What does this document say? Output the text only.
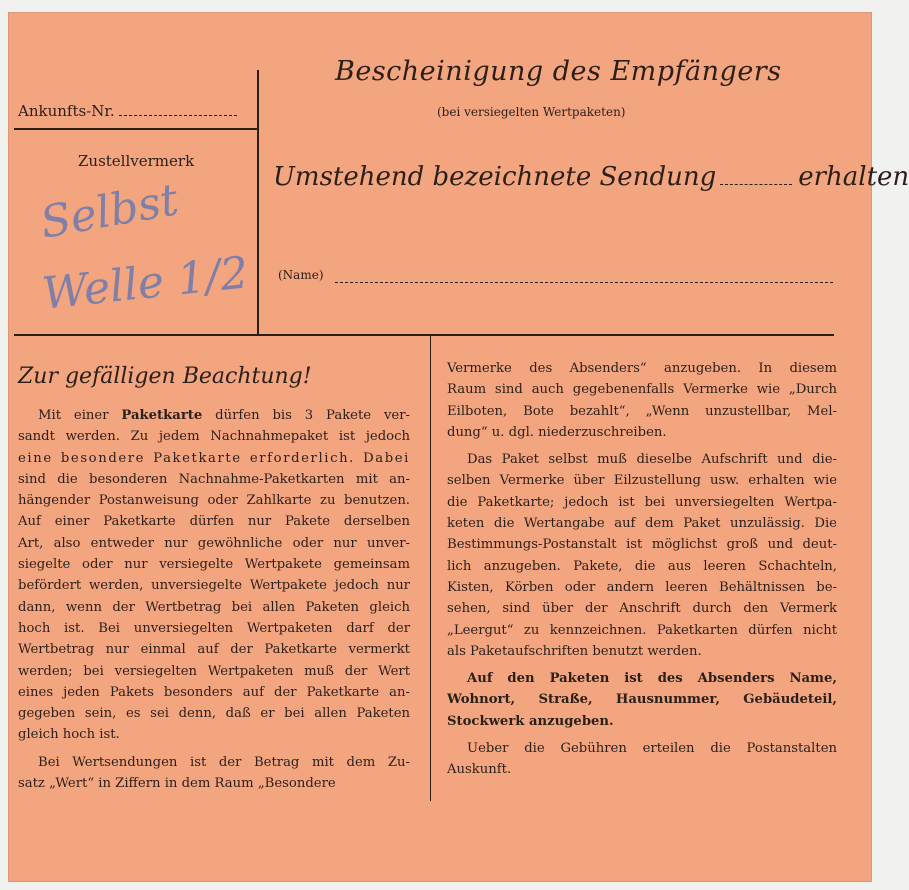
Bescheinigung des Empfängers
(bei versiegelten Wertpaketen)
Ankunfts-Nr.
Zustellvermerk
Selbst
Welle 1/2
Umstehend bezeichnete Sendung	erhalten
(Name)
Zur gefälligen Beachtung!
Mit einer Paketkarte dürfen bis 3 Pakete ver-
sandt werden. Zu jedem Nachnahmepaket ist jedoch
eine besondere Paketkarte erforderlich. Dabei
sind die besonderen Nachnahme-Paketkarten mit an-
hängender Postanweisung oder Zahlkarte zu benutzen.
Auf einer Paketkarte dürfen nur Pakete derselben
Art, also entweder nur gewöhnliche oder nur unver-
siegelte oder nur versiegelte Wertpakete gemeinsam
befördert werden, unversiegelte Wertpakete jedoch nur
dann, wenn der Wertbetrag bei allen Paketen gleich
hoch ist. Bei unversiegelten Wertpaketen darf der
Wertbetrag nur einmal auf der Paketkarte vermerkt
werden; bei versiegelten Wertpaketen muß der Wert
eines jeden Pakets besonders auf der Paketkarte an-
gegeben sein, es sei denn, daß er bei allen Paketen
gleich hoch ist.
Bei Wertsendungen ist der Betrag mit dem Zu-
satz „Wert“ in Ziffern in dem Raum „Besondere
Vermerke des Absenders“ anzugeben. In diesem
Raum sind auch gegebenenfalls Vermerke wie „Durch
Eilboten, Bote bezahlt“, „Wenn unzustellbar, Mel-
dung“ u. dgl. niederzuschreiben.
Das Paket selbst muß dieselbe Aufschrift und die-
selben Vermerke über Eilzustellung usw. erhalten wie
die Paketkarte; jedoch ist bei unversiegelten Wertpa-
keten die Wertangabe auf dem Paket unzulässig. Die
Bestimmungs-Postanstalt ist möglichst groß und deut-
lich anzugeben. Pakete, die aus leeren Schachteln,
Kisten, Körben oder andern leeren Behältnissen be-
sehen, sind über der Anschrift durch den Vermerk
„Leergut“ zu kennzeichnen. Paketkarten dürfen nicht
als Paketaufschriften benutzt werden.
Auf den Paketen ist des Absenders Name,
Wohnort, Straße, Hausnummer, Gebäudeteil,
Stockwerk anzugeben.
Ueber die Gebühren erteilen die Postanstalten
Auskunft.
